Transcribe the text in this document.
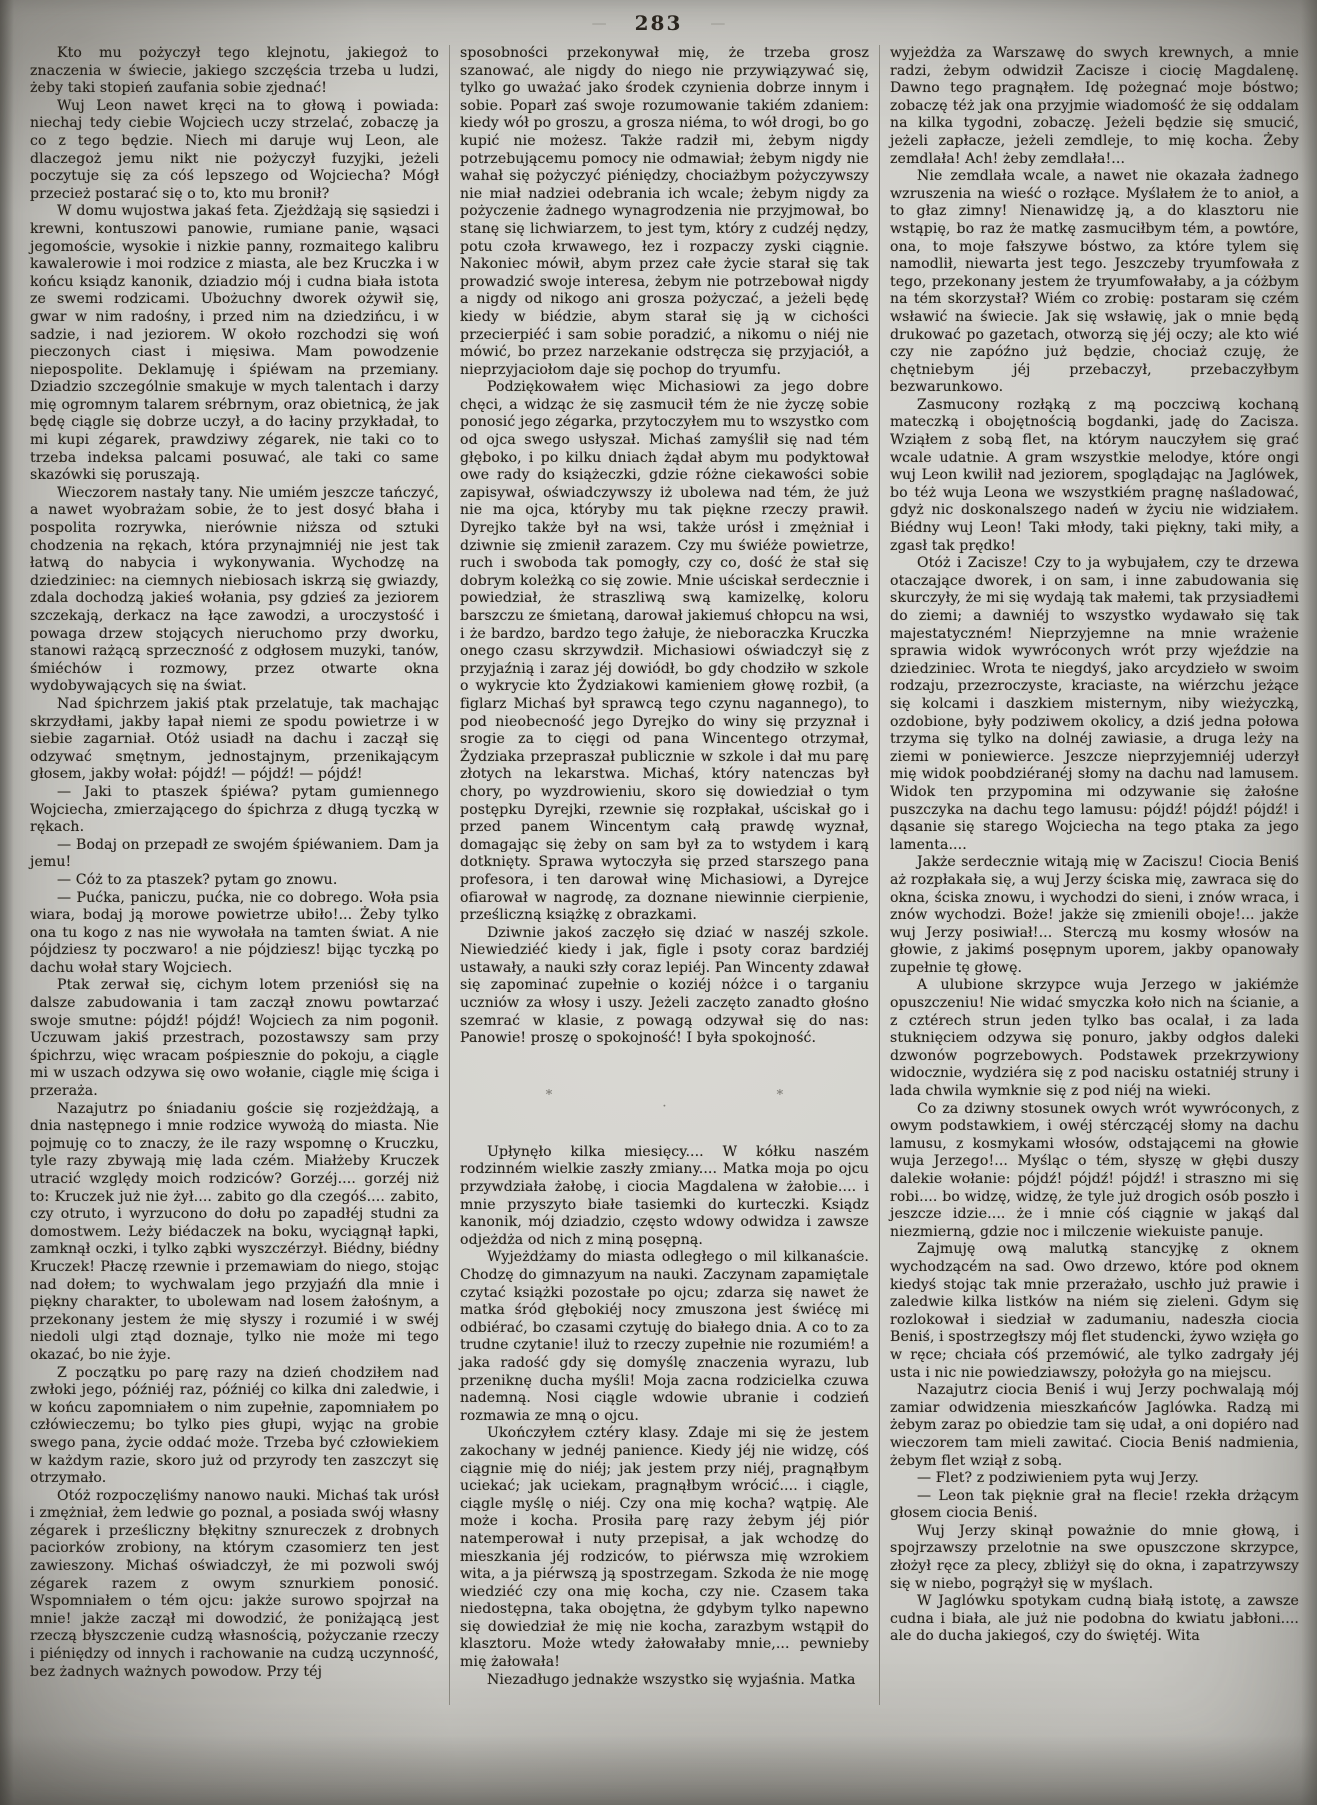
— 283 —

Kto mu pożyczył tego klejnotu, jakiegoż to znaczenia w świecie, jakiego szczęścia trzeba u ludzi, żeby taki stopień zaufania sobie zjednać!

Wuj Leon nawet kręci na to głową i powiada: niechaj tedy ciebie Wojciech uczy strzelać, zobaczę ja co z tego będzie. Niech mi daruje wuj Leon, ale dlaczegoż jemu nikt nie pożyczył fuzyjki, jeżeli poczytuje się za cóś lepszego od Wojciecha? Mógł przecież postarać się o to, kto mu bronił?

W domu wujostwa jakaś feta. Zjeżdżają się sąsiedzi i krewni, kontuszowi panowie, rumiane panie, wąsaci jegomoście, wysokie i nizkie panny, rozmaitego kalibru kawalerowie i moi rodzice z miasta, ale bez Kruczka i w końcu ksiądz kanonik, dziadzio mój i cudna biała istota ze swemi rodzicami. Ubożuchny dworek ożywił się, gwar w nim radośny, i przed nim na dziedzińcu, i w sadzie, i nad jeziorem. W około rozchodzi się woń pieczonych ciast i mięsiwa. Mam powodzenie niepospolite. Deklamuję i śpiéwam na przemiany. Dziadzio szczególnie smakuje w mych talentach i darzy mię ogromnym talarem srébrnym, oraz obietnicą, że jak będę ciągle się dobrze uczył, a do łaciny przykładał, to mi kupi zégarek, prawdziwy zégarek, nie taki co to trzeba indeksa palcami posuwać, ale taki co same skazówki się poruszają.

Wieczorem nastały tany. Nie umiém jeszcze tańczyć, a nawet wyobrażam sobie, że to jest dosyć błaha i pospolita rozrywka, nierównie niższa od sztuki chodzenia na rękach, która przynajmniéj nie jest tak łatwą do nabycia i wykonywania. Wychodzę na dziedziniec: na ciemnych niebiosach iskrzą się gwiazdy, zdala dochodzą jakieś wołania, psy gdzieś za jeziorem szczekają, derkacz na łące zawodzi, a uroczystość i powaga drzew stojących nieruchomo przy dworku, stanowi rażącą sprzeczność z odgłosem muzyki, tanów, śmiéchów i rozmowy, przez otwarte okna wydobywających się na świat.

Nad śpichrzem jakiś ptak przelatuje, tak machając skrzydłami, jakby łapał niemi ze spodu powietrze i w siebie zagarniał. Otóż usiadł na dachu i zaczął się odzywać smętnym, jednostajnym, przenikającym głosem, jakby wołał: pójdź! — pójdź! — pójdź!

— Jaki to ptaszek śpiéwa? pytam gumiennego Wojciecha, zmierzającego do śpichrza z długą tyczką w rękach.

— Bodaj on przepadł ze swojém śpiéwaniem. Dam ja jemu!

— Cóż to za ptaszek? pytam go znowu.

— Pućka, paniczu, pućka, nie co dobrego. Woła psia wiara, bodaj ją morowe powietrze ubiło!... Żeby tylko ona tu kogo z nas nie wywołała na tamten świat. A nie pójdziesz ty poczwaro! a nie pójdziesz! bijąc tyczką po dachu wołał stary Wojciech.

Ptak zerwał się, cichym lotem przeniósł się na dalsze zabudowania i tam zaczął znowu powtarzać swoje smutne: pójdź! pójdź! Wojciech za nim pogonił. Uczuwam jakiś przestrach, pozostawszy sam przy śpichrzu, więc wracam pośpiesznie do pokoju, a ciągle mi w uszach odzywa się owo wołanie, ciągle mię ściga i przeraża.

Nazajutrz po śniadaniu goście się rozjeżdżają, a dnia następnego i mnie rodzice wywożą do miasta. Nie pojmuję co to znaczy, że ile razy wspomnę o Kruczku, tyle razy zbywają mię lada czém. Miałżeby Kruczek utracić względy moich rodziców? Gorzéj.... gorzéj niż to: Kruczek już nie żył.... zabito go dla czegóś.... zabito, czy otruto, i wyrzucono do dołu po zapadłéj studni za domostwem. Leży biédaczek na boku, wyciągnął łapki, zamknął oczki, i tylko ząbki wyszczérzył. Biédny, biédny Kruczek! Płaczę rzewnie i przemawiam do niego, stojąc nad dołem; to wychwalam jego przyjaźń dla mnie i piękny charakter, to ubolewam nad losem żałośnym, a przekonany jestem że mię słyszy i rozumié i w swéj niedoli ulgi ztąd doznaje, tylko nie może mi tego okazać, bo nie żyje.

Z początku po parę razy na dzień chodziłem nad zwłoki jego, późniéj raz, późniéj co kilka dni zaledwie, i w końcu zapomniałem o nim zupełnie, zapomniałem po człówieczemu; bo tylko pies głupi, wyjąc na grobie swego pana, życie oddać może. Trzeba być człowiekiem w każdym razie, skoro już od przyrody ten zaszczyt się otrzymało.

Otóż rozpoczęliśmy nanowo nauki. Michaś tak urósł i zmężniał, żem ledwie go poznal, a posiada swój własny zégarek i prześliczny błękitny sznureczek z drobnych paciorków zrobiony, na którym czasomierz ten jest zawieszony. Michaś oświadczył, że mi pozwoli swój zégarek razem z owym sznurkiem ponosić. Wspomniałem o tém ojcu: jakże surowo spojrzał na mnie! jakże zaczął mi dowodzić, że poniżającą jest rzeczą błyszczenie cudzą własnością, pożyczanie rzeczy i piéniędzy od innych i rachowanie na cudzą uczynność, bez żadnych ważnych powodow. Przy téj

sposobności przekonywał mię, że trzeba grosz szanować, ale nigdy do niego nie przywiązywać się, tylko go uważać jako środek czynienia dobrze innym i sobie. Poparł zaś swoje rozumowanie takiém zdaniem: kiedy wół po groszu, a grosza niéma, to wół drogi, bo go kupić nie możesz. Także radził mi, żebym nigdy potrzebującemu pomocy nie odmawiał; żebym nigdy nie wahał się pożyczyć piéniędzy, chociażbym pożyczywszy nie miał nadziei odebrania ich wcale; żebym nigdy za pożyczenie żadnego wynagrodzenia nie przyjmował, bo stanę się lichwiarzem, to jest tym, który z cudzéj nędzy, potu czoła krwawego, łez i rozpaczy zyski ciągnie. Nakoniec mówił, abym przez całe życie starał się tak prowadzić swoje interesa, żebym nie potrzebował nigdy a nigdy od nikogo ani grosza pożyczać, a jeżeli będę kiedy w biédzie, abym starał się ją w cichości przecierpiéć i sam sobie poradzić, a nikomu o niéj nie mówić, bo przez narzekanie odstręcza się przyjaciół, a nieprzyjaciołom daje się pochop do tryumfu.

Podziękowałem więc Michasiowi za jego dobre chęci, a widząc że się zasmucił tém że nie życzę sobie ponosić jego zégarka, przytoczyłem mu to wszystko com od ojca swego usłyszał. Michaś zamyślił się nad tém głęboko, i po kilku dniach żądał abym mu podyktował owe rady do książeczki, gdzie różne ciekawości sobie zapisywał, oświadczywszy iż ubolewa nad tém, że już nie ma ojca, któryby mu tak piękne rzeczy prawił. Dyrejko także był na wsi, także urósł i zmężniał i dziwnie się zmienił zarazem. Czy mu świéże powietrze, ruch i swoboda tak pomogły, czy co, dość że stał się dobrym koleżką co się zowie. Mnie uściskał serdecznie i powiedział, że straszliwą swą kamizelkę, koloru barszczu ze śmietaną, darował jakiemuś chłopcu na wsi, i że bardzo, bardzo tego żałuje, że nieboraczka Kruczka onego czasu skrzywdził. Michasiowi oświadczył się z przyjaźnią i zaraz jéj dowiódł, bo gdy chodziło w szkole o wykrycie kto Żydziakowi kamieniem głowę rozbił, (a figlarz Michaś był sprawcą tego czynu nagannego), to pod nieobecność jego Dyrejko do winy się przyznał i srogie za to cięgi od pana Wincentego otrzymał, Żydziaka przepraszał publicznie w szkole i dał mu parę złotych na lekarstwa. Michaś, który natenczas był chory, po wyzdrowieniu, skoro się dowiedział o tym postępku Dyrejki, rzewnie się rozpłakał, uściskał go i przed panem Wincentym całą prawdę wyznał, domagając się żeby on sam był za to wstydem i karą dotknięty. Sprawa wytoczyła się przed starszego pana profesora, i ten darował winę Michasiowi, a Dyrejce ofiarował w nagrodę, za doznane niewinnie cierpienie, prześliczną książkę z obrazkami.

Dziwnie jakoś zaczęło się dziać w naszéj szkole. Niewiedziéć kiedy i jak, figle i psoty coraz bardziéj ustawały, a nauki szły coraz lepiéj. Pan Wincenty zdawał się zapominać zupełnie o koziéj nóżce i o targaniu uczniów za włosy i uszy. Jeżeli zaczęto zanadto głośno szemrać w klasie, z powagą odzywał się do nas: Panowie! proszę o spokojność! I była spokojność.

*
·
*

Upłynęło kilka miesięcy.... W kółku naszém rodzinném wielkie zaszły zmiany.... Matka moja po ojcu przywdziała żałobę, i ciocia Magdalena w żałobie.... i mnie przyszyto białe tasiemki do kurteczki. Ksiądz kanonik, mój dziadzio, często wdowy odwidza i zawsze odjeżdża od nich z miną posępną.

Wyjeżdżamy do miasta odległego o mil kilkanaście. Chodzę do gimnazyum na nauki. Zaczynam zapamiętale czytać książki pozostałe po ojcu; zdarza się nawet że matka śród głębokiéj nocy zmuszona jest świécę mi odbiérać, bo czasami czytuję do białego dnia. A co to za trudne czytanie! iluż to rzeczy zupełnie nie rozumiém! a jaka radość gdy się domyślę znaczenia wyrazu, lub przeniknę ducha myśli! Moja zacna rodzicielka czuwa nademną. Nosi ciągle wdowie ubranie i codzień rozmawia ze mną o ojcu.

Ukończyłem cztéry klasy. Zdaje mi się że jestem zakochany w jednéj panience. Kiedy jéj nie widzę, cóś ciągnie mię do niéj; jak jestem przy niéj, pragnąłbym uciekać; jak uciekam, pragnąłbym wrócić.... i ciągle, ciągle myślę o niéj. Czy ona mię kocha? wątpię. Ale może i kocha. Prosiła parę razy żebym jéj piór natemperował i nuty przepisał, a jak wchodzę do mieszkania jéj rodziców, to piérwsza mię wzrokiem wita, a ja piérwszą ją spostrzegam. Szkoda że nie mogę wiedziéć czy ona mię kocha, czy nie. Czasem taka niedostępna, taka obojętna, że gdybym tylko napewno się dowiedział że mię nie kocha, zarazbym wstąpił do klasztoru. Może wtedy żałowałaby mnie,... pewnieby mię żałowała!

Niezadługo jednakże wszystko się wyjaśnia. Matka

wyjeżdża za Warszawę do swych krewnych, a mnie radzi, żebym odwidził Zacisze i ciocię Magdalenę. Dawno tego pragnąłem. Idę pożegnać moje bóstwo; zobaczę téż jak ona przyjmie wiadomość że się oddalam na kilka tygodni, zobaczę. Jeżeli będzie się smucić, jeżeli zapłacze, jeżeli zemdleje, to mię kocha. Żeby zemdlała! Ach! żeby zemdlała!...

Nie zemdlała wcale, a nawet nie okazała żadnego wzruszenia na wieść o rozłące. Myślałem że to anioł, a to głaz zimny! Nienawidzę ją, a do klasztoru nie wstąpię, bo raz że matkę zasmuciłbym tém, a powtóre, ona, to moje fałszywe bóstwo, za które tylem się namodlił, niewarta jest tego. Jeszczeby tryumfowała z tego, przekonany jestem że tryumfowałaby, a ja cóżbym na tém skorzystał? Wiém co zrobię: postaram się czém wsławić na świecie. Jak się wsławię, jak o mnie będą drukować po gazetach, otworzą się jéj oczy; ale kto wié czy nie zapóźno już będzie, chociaż czuję, że chętniebym jéj przebaczył, przebaczyłbym bezwarunkowo.

Zasmucony rozłąką z mą poczciwą kochaną mateczką i obojętnością bogdanki, jadę do Zacisza. Wziąłem z sobą flet, na którym nauczyłem się grać wcale udatnie. A gram wszystkie melodye, które ongi wuj Leon kwilił nad jeziorem, spoglądając na Jaglówek, bo téż wuja Leona we wszystkiém pragnę naśladować, gdyż nic doskonalszego nadeń w życiu nie widziałem. Biédny wuj Leon! Taki młody, taki piękny, taki miły, a zgasł tak prędko!

Otóż i Zacisze! Czy to ja wybujałem, czy te drzewa otaczające dworek, i on sam, i inne zabudowania się skurczyły, że mi się wydają tak małemi, tak przysiadłemi do ziemi; a dawniéj to wszystko wydawało się tak majestatyczném! Nieprzyjemne na mnie wrażenie sprawia widok wywróconych wrót przy wjeździe na dziedziniec. Wrota te niegdyś, jako arcydzieło w swoim rodzaju, przezroczyste, kraciaste, na wiérzchu jeżące się kolcami i daszkiem misternym, niby wieżyczką, ozdobione, były podziwem okolicy, a dziś jedna połowa trzyma się tylko na dolnéj zawiasie, a druga leży na ziemi w poniewierce. Jeszcze nieprzyjemniéj uderzył mię widok poobdziéranéj słomy na dachu nad lamusem. Widok ten przypomina mi odzywanie się żałośne puszczyka na dachu tego lamusu: pójdź! pójdź! pójdź! i dąsanie się starego Wojciecha na tego ptaka za jego lamenta....

Jakże serdecznie witają mię w Zaciszu! Ciocia Beniś aż rozpłakała się, a wuj Jerzy ściska mię, zawraca się do okna, ściska znowu, i wychodzi do sieni, i znów wraca, i znów wychodzi. Boże! jakże się zmienili oboje!... jakże wuj Jerzy posiwiał!... Sterczą mu kosmy włosów na głowie, z jakimś posępnym uporem, jakby opanowały zupełnie tę głowę.

A ulubione skrzypce wuja Jerzego w jakiémże opuszczeniu! Nie widać smyczka koło nich na ścianie, a z cztérech strun jeden tylko bas ocalał, i za lada stuknięciem odzywa się ponuro, jakby odgłos daleki dzwonów pogrzebowych. Podstawek przekrzywiony widocznie, wydziéra się z pod nacisku ostatniéj struny i lada chwila wymknie się z pod niéj na wieki.

Co za dziwny stosunek owych wrót wywróconych, z owym podstawkiem, i owéj stérczącéj słomy na dachu lamusu, z kosmykami włosów, odstającemi na głowie wuja Jerzego!... Myśląc o tém, słyszę w głębi duszy dalekie wołanie: pójdź! pójdź! pójdź! i straszno mi się robi.... bo widzę, widzę, że tyle już drogich osób poszło i jeszcze idzie.... że i mnie cóś ciągnie w jakąś dal niezmierną, gdzie noc i milczenie wiekuiste panuje.

Zajmuję ową malutką stancyjkę z oknem wychodzącém na sad. Owo drzewo, które pod oknem kiedyś stojąc tak mnie przerażało, uschło już prawie i zaledwie kilka listków na niém się zieleni. Gdym się rozlokował i siedział w zadumaniu, nadeszła ciocia Beniś, i spostrzegłszy mój flet studencki, żywo wzięła go w ręce; chciała cóś przemówić, ale tylko zadrgały jéj usta i nic nie powiedziawszy, położyła go na miejscu.

Nazajutrz ciocia Beniś i wuj Jerzy pochwalają mój zamiar odwidzenia mieszkańców Jaglówka. Radzą mi żebym zaraz po obiedzie tam się udał, a oni dopiéro nad wieczorem tam mieli zawitać. Ciocia Beniś nadmienia, żebym flet wziął z sobą.

— Flet? z podziwieniem pyta wuj Jerzy.

— Leon tak pięknie grał na flecie! rzekła drżącym głosem ciocia Beniś.

Wuj Jerzy skinął poważnie do mnie głową, i spojrzawszy przelotnie na swe opuszczone skrzypce, złożył ręce za plecy, zbliżył się do okna, i zapatrzywszy się w niebo, pogrążył się w myślach.

W Jaglówku spotykam cudną białą istotę, a zawsze cudna i biała, ale już nie podobna do kwiatu jabłoni.... ale do ducha jakiegoś, czy do świętéj. Wita
